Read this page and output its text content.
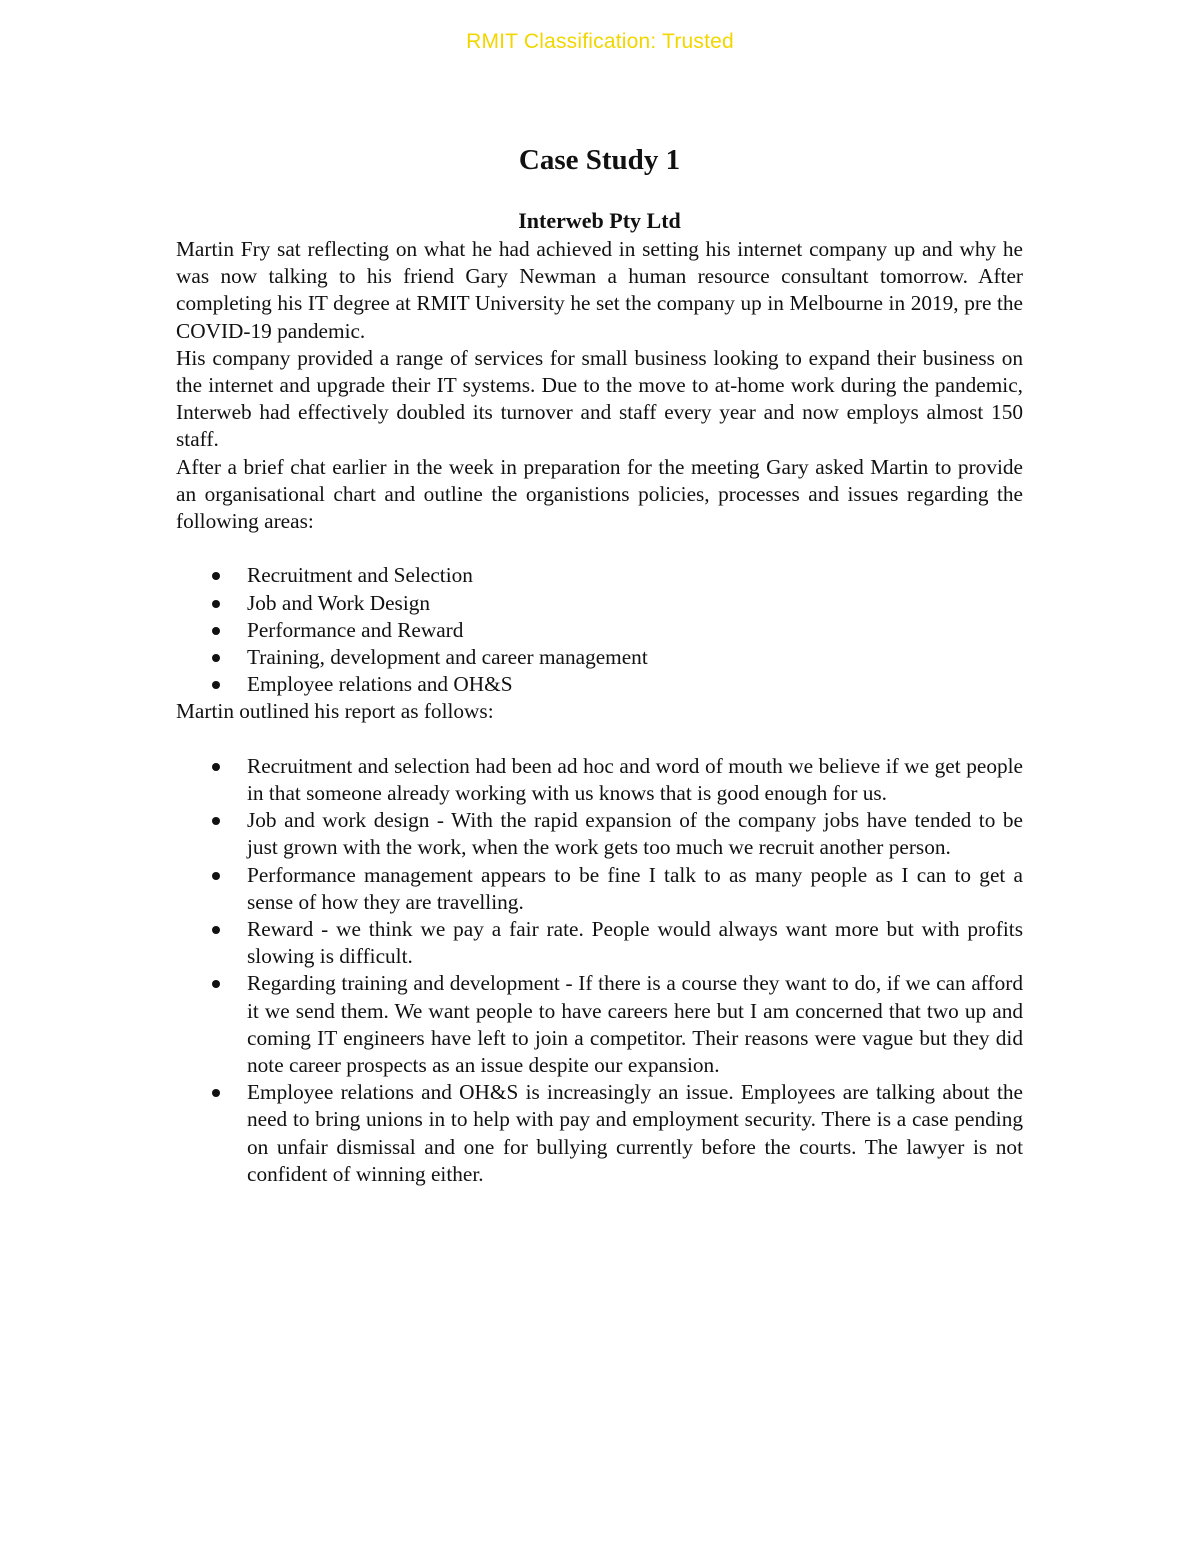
RMIT Classification: Trusted
Case Study 1
Interweb Pty Ltd

Martin Fry sat reflecting on what he had achieved in setting his internet company up and why he was now talking to his friend Gary Newman a human resource consultant tomorrow. After completing his IT degree at RMIT University he set the company up in Melbourne in 2019, pre the COVID-19 pandemic.

His company provided a range of services for small business looking to expand their business on the internet and upgrade their IT systems. Due to the move to at-home work during the pandemic, Interweb had effectively doubled its turnover and staff every year and now employs almost 150 staff.

After a brief chat earlier in the week in preparation for the meeting Gary asked Martin to provide an organisational chart and outline the organistions policies, processes and issues regarding the following areas:

Recruitment and Selection
Job and Work Design
Performance and Reward
Training, development and career management
Employee relations and OH&S

Martin outlined his report as follows:

Recruitment and selection had been ad hoc and word of mouth we believe if we get people in that someone already working with us knows that is good enough for us.
Job and work design - With the rapid expansion of the company jobs have tended to be just grown with the work, when the work gets too much we recruit another person.
Performance management appears to be fine I talk to as many people as I can to get a sense of how they are travelling.
Reward - we think we pay a fair rate. People would always want more but with profits slowing is difficult.
Regarding training and development - If there is a course they want to do, if we can afford it we send them. We want people to have careers here but I am concerned that two up and coming IT engineers have left to join a competitor. Their reasons were vague but they did note career prospects as an issue despite our expansion.
Employee relations and OH&S is increasingly an issue. Employees are talking about the need to bring unions in to help with pay and employment security. There is a case pending on unfair dismissal and one for bullying currently before the courts. The lawyer is not confident of winning either.
